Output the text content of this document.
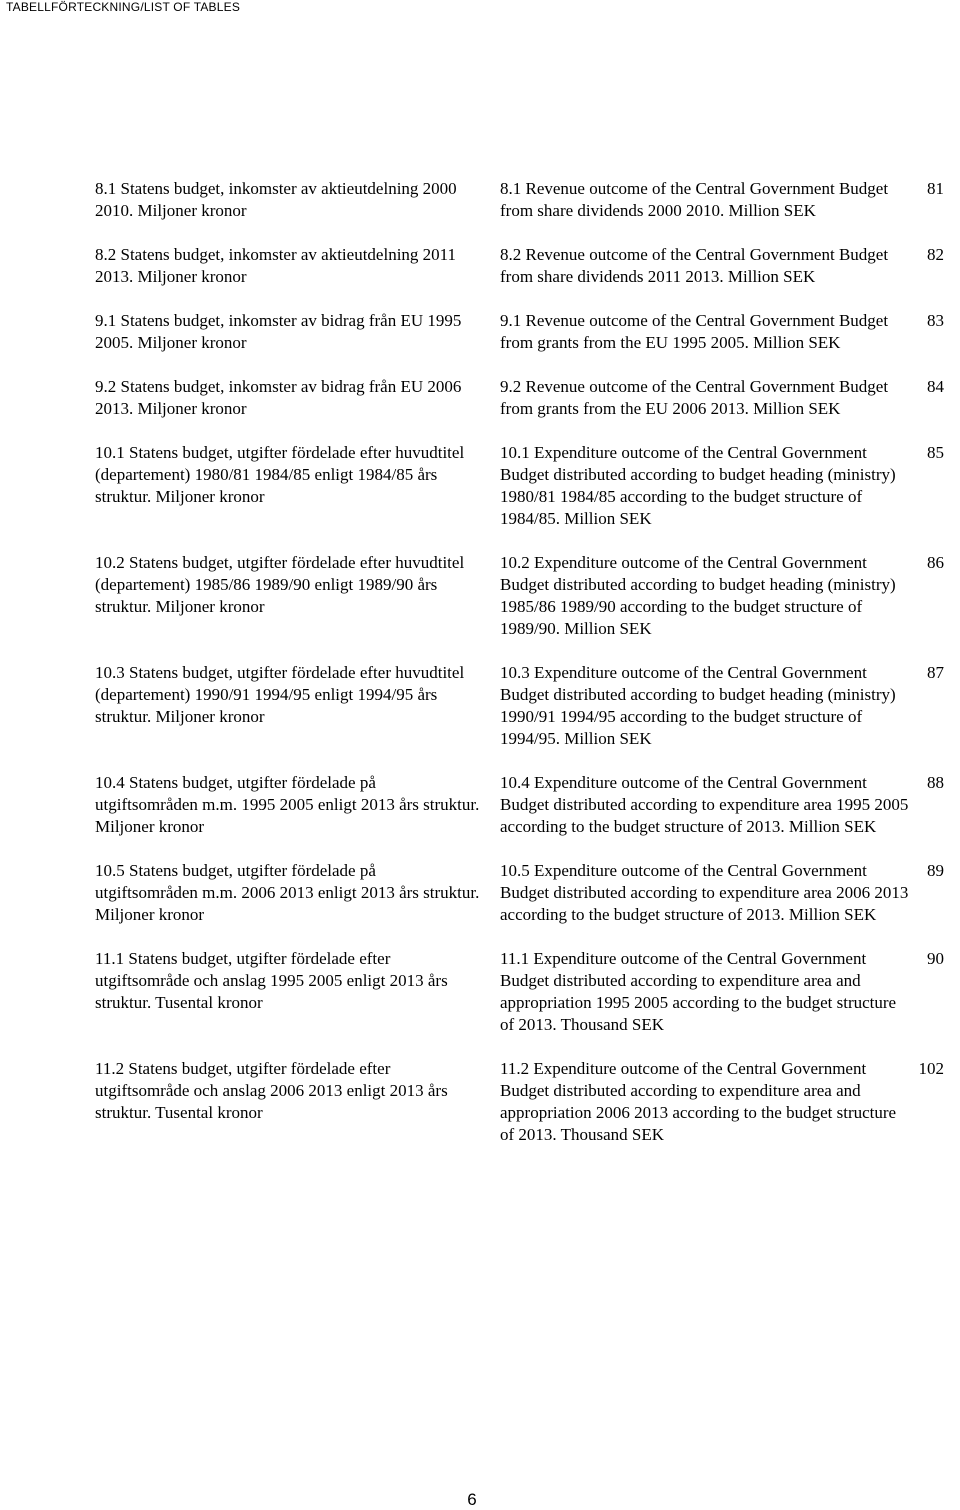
TABELLFÖRTECKNING/LIST OF TABLES
8.1 Statens budget, inkomster av aktieutdelning 2000 2010. Miljoner kronor
8.1 Revenue outcome of the Central Government Budget from share dividends 2000 2010. Million SEK
81
8.2 Statens budget, inkomster av aktieutdelning 2011 2013. Miljoner kronor
8.2 Revenue outcome of the Central Government Budget from share dividends 2011 2013. Million SEK
82
9.1 Statens budget, inkomster av bidrag från EU 1995 2005. Miljoner kronor
9.1 Revenue outcome of the Central Government Budget from grants from the EU 1995 2005. Million SEK
83
9.2 Statens budget, inkomster av bidrag från EU 2006 2013. Miljoner kronor
9.2 Revenue outcome of the Central Government Budget from grants from the EU 2006 2013. Million SEK
84
10.1 Statens budget, utgifter fördelade efter huvudtitel (departement) 1980/81 1984/85 enligt 1984/85 års struktur. Miljoner kronor
10.1 Expenditure outcome of the Central Government Budget distributed according to budget heading (ministry) 1980/81 1984/85 according to the budget structure of 1984/85. Million SEK
85
10.2 Statens budget, utgifter fördelade efter huvudtitel (departement) 1985/86 1989/90 enligt 1989/90 års struktur. Miljoner kronor
10.2 Expenditure outcome of the Central Government Budget distributed according to budget heading (ministry) 1985/86 1989/90 according to the budget structure of 1989/90. Million SEK
86
10.3 Statens budget, utgifter fördelade efter huvudtitel (departement) 1990/91 1994/95 enligt 1994/95 års struktur. Miljoner kronor
10.3 Expenditure outcome of the Central Government Budget distributed according to budget heading (ministry) 1990/91 1994/95 according to the budget structure of 1994/95. Million SEK
87
10.4 Statens budget, utgifter fördelade på utgiftsområden m.m. 1995 2005 enligt 2013 års struktur. Miljoner kronor
10.4 Expenditure outcome of the Central Government Budget distributed according to expenditure area 1995 2005 according to the budget structure of 2013. Million SEK
88
10.5 Statens budget, utgifter fördelade på utgiftsområden m.m. 2006 2013 enligt 2013 års struktur. Miljoner kronor
10.5 Expenditure outcome of the Central Government Budget distributed according to expenditure area 2006 2013 according to the budget structure of 2013. Million SEK
89
11.1 Statens budget, utgifter fördelade efter utgiftsområde och anslag 1995 2005 enligt 2013 års struktur. Tusental kronor
11.1 Expenditure outcome of the Central Government Budget distributed according to expenditure area and appropriation 1995 2005 according to the budget structure of 2013. Thousand SEK
90
11.2 Statens budget, utgifter fördelade efter utgiftsområde och anslag 2006 2013 enligt 2013 års struktur. Tusental kronor
11.2 Expenditure outcome of the Central Government Budget distributed according to expenditure area and appropriation 2006 2013 according to the budget structure of 2013. Thousand SEK
102
6
